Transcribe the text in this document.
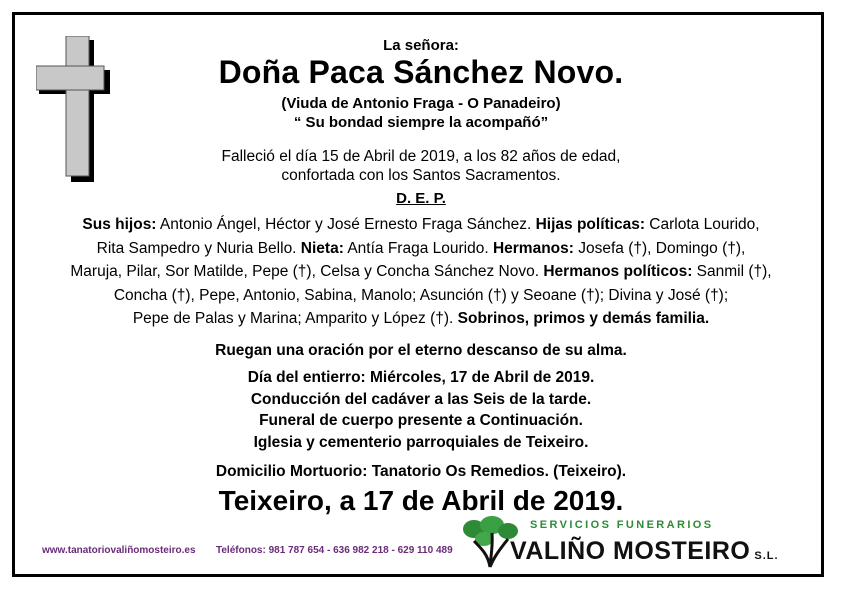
La señora:
Doña Paca Sánchez Novo.
(Viuda de Antonio Fraga - O Panadeiro)
“ Su bondad siempre la acompañó”
Falleció el día 15 de Abril de 2019, a los 82 años de edad,
confortada con los Santos Sacramentos.
D. E. P.
Sus hijos: Antonio Ángel, Héctor y José Ernesto Fraga Sánchez. Hijas políticas: Carlota Lourido,
Rita Sampedro y Nuria Bello. Nieta: Antía Fraga Lourido. Hermanos: Josefa (†), Domingo (†),
Maruja, Pilar, Sor Matilde, Pepe (†), Celsa y Concha Sánchez Novo. Hermanos políticos: Sanmil (†),
Concha (†), Pepe, Antonio, Sabina, Manolo; Asunción (†) y Seoane (†); Divina y José (†);
Pepe de Palas y Marina; Amparito y López (†). Sobrinos, primos y demás familia.
Ruegan una oración por el eterno descanso de su alma.
Día del entierro: Miércoles, 17 de Abril de 2019.
Conducción del cadáver a las Seis de la tarde.
Funeral de cuerpo presente a Continuación.
Iglesia y cementerio parroquiales de Teixeiro.
Domicilio Mortuorio: Tanatorio Os Remedios. (Teixeiro).
Teixeiro, a 17 de Abril de 2019.
www.tanatoriovaliñomosteiro.es Teléfonos: 981 787 654 - 636 982 218 - 629 110 489
SERVICIOS FUNERARIOS
VALIÑO MOSTEIRO S.L.
